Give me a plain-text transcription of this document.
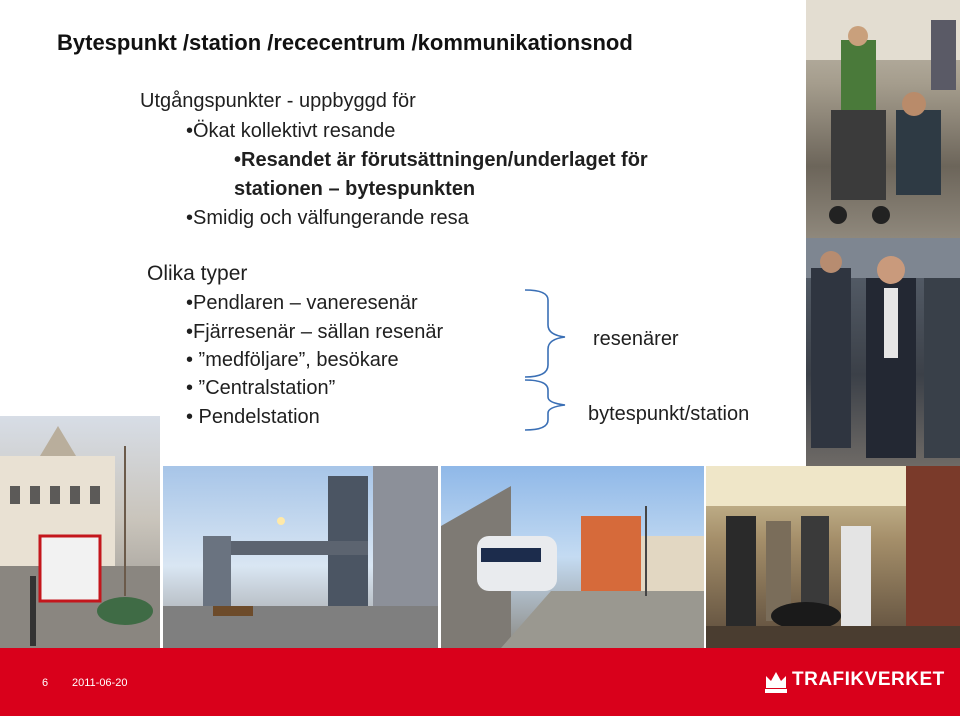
Bytespunkt /station /rececentrum /kommunikationsnod
Utgångspunkter - uppbyggd för
•Ökat kollektivt resande
•Resandet är förutsättningen/underlaget för
stationen – bytespunkten
•Smidig och välfungerande resa
Olika typer
•Pendlaren – vaneresenär
•Fjärresenär – sällan resenär
• ”medföljare”, besökare
• ”Centralstation”
• Pendelstation
resenärer
bytespunkt/station
6 2011-06-20	TRAFIKVERKET
